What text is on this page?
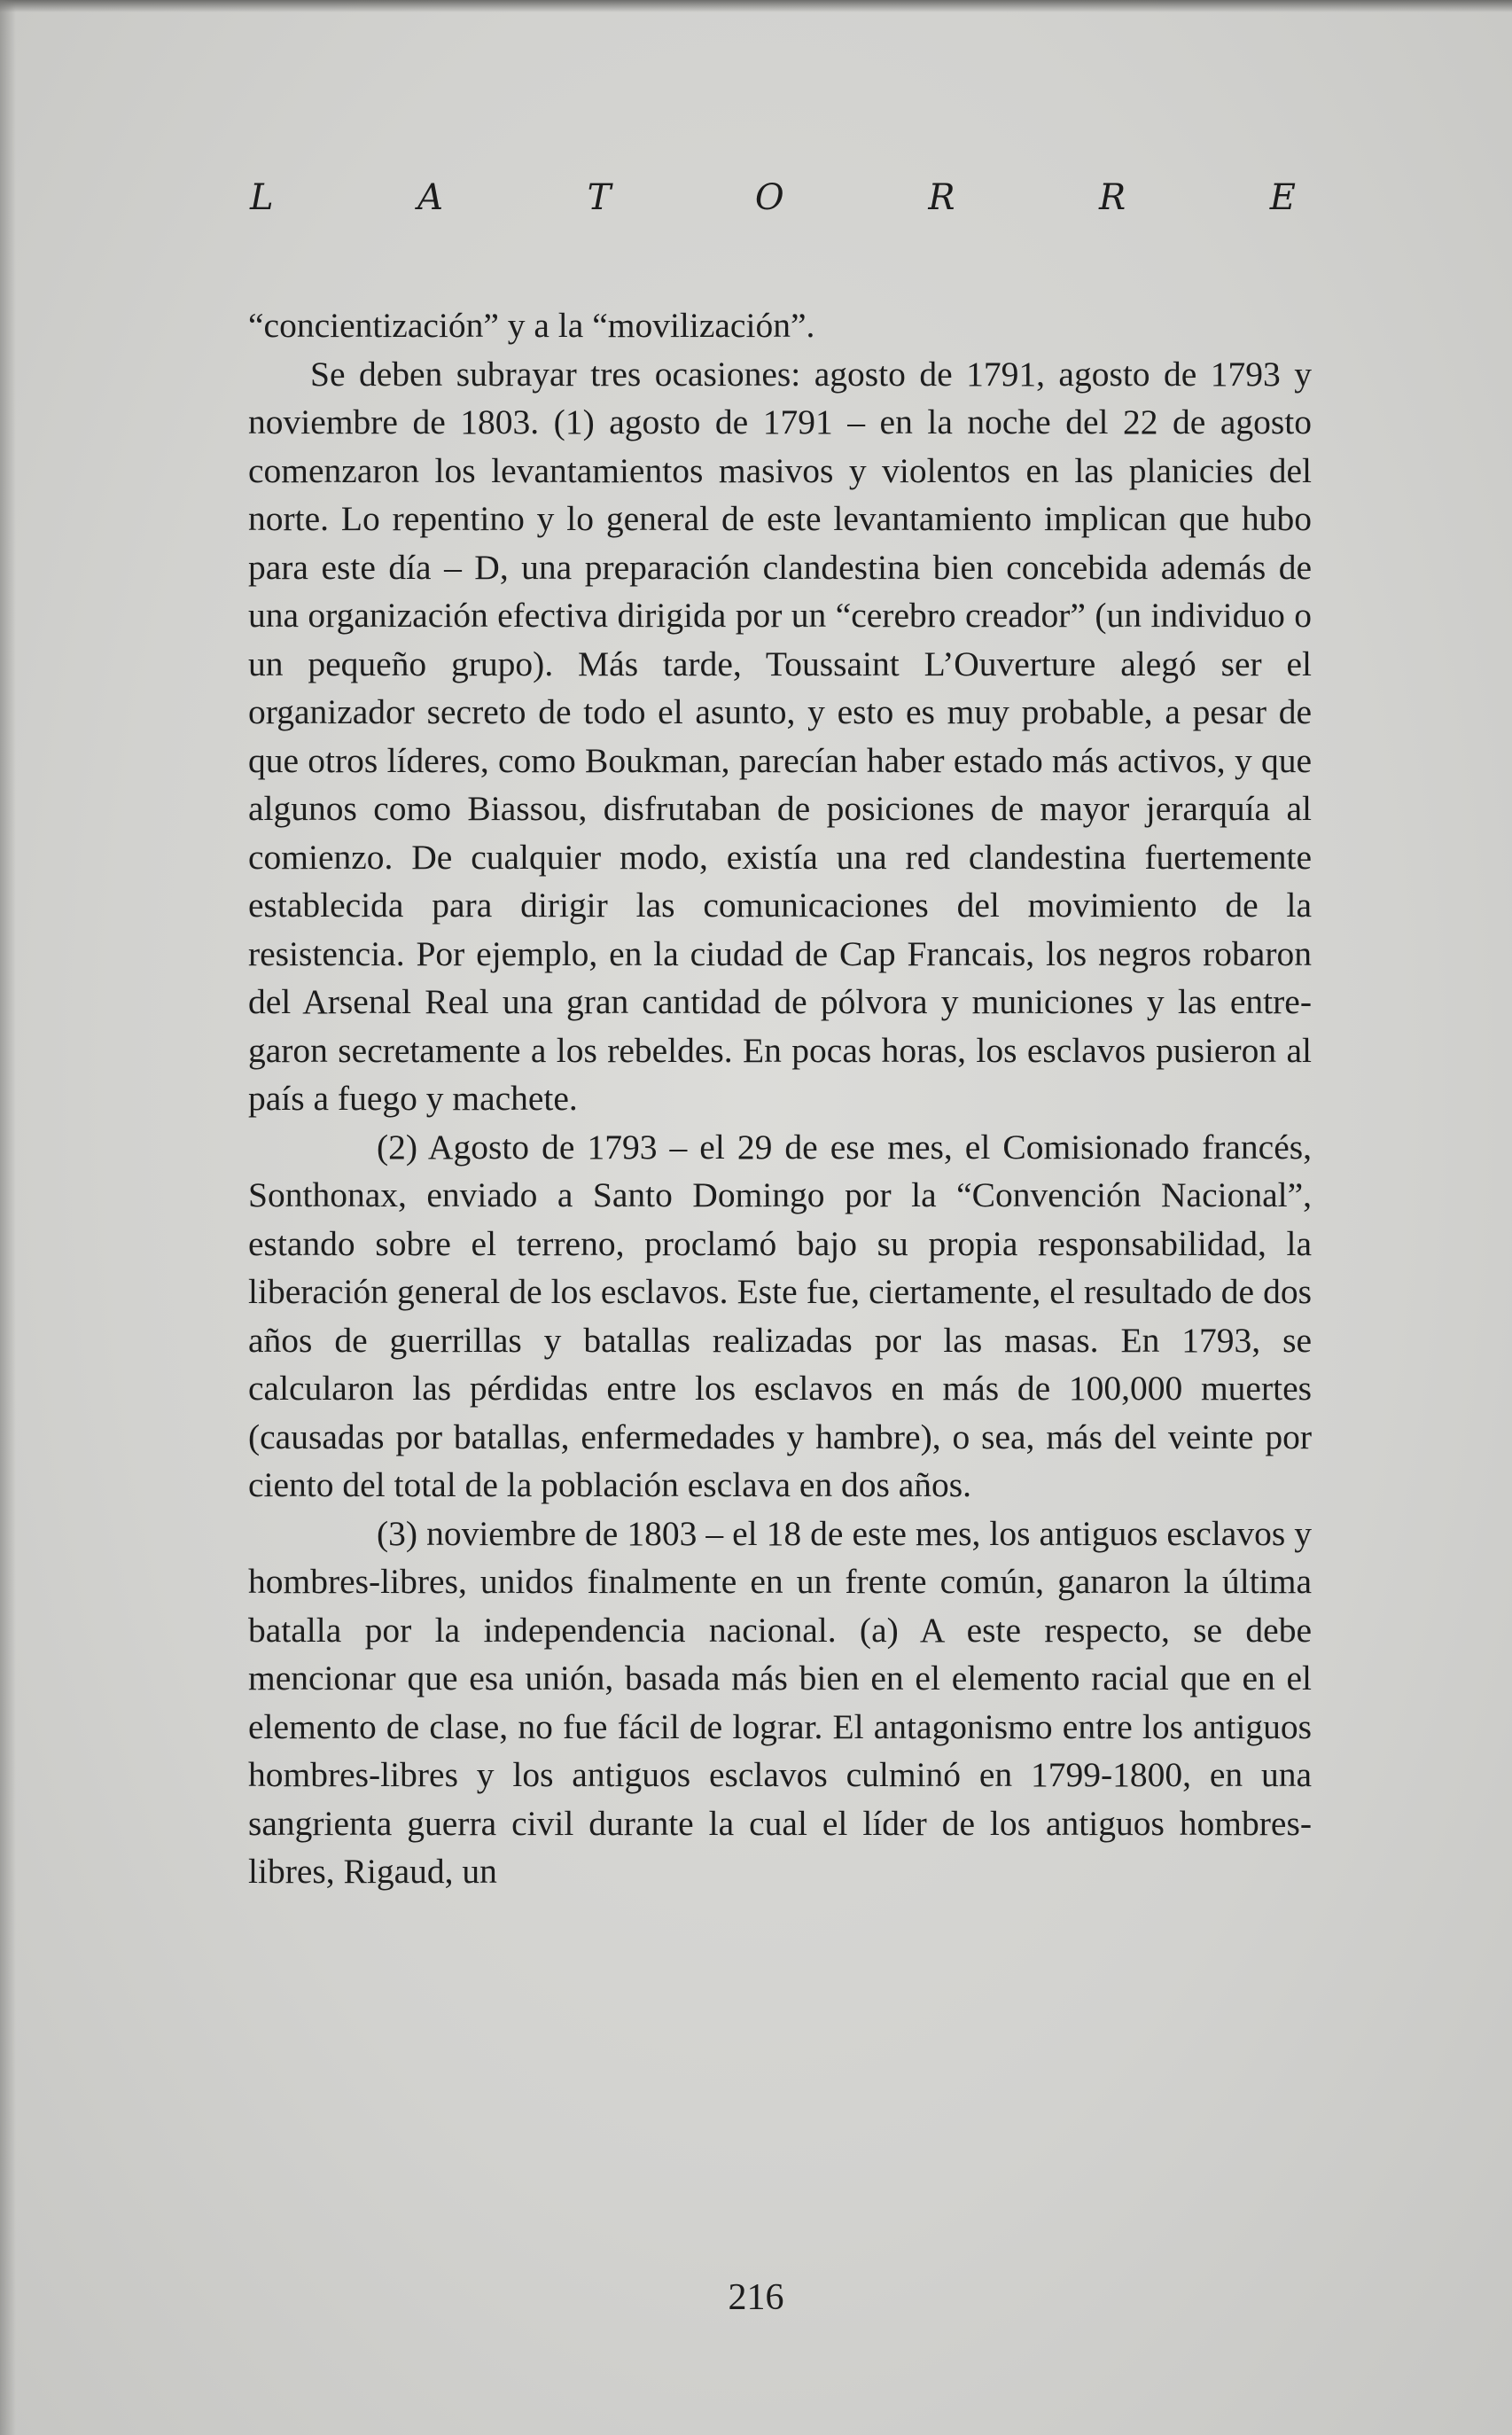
L	A	T	O	R	R	E

“concientización” y a la “movilización”.

Se deben subrayar tres ocasiones: agosto de 1791, agosto de 1793 y noviembre de 1803. (1) agosto de 1791 – en la noche del 22 de agosto comenzaron los levantamientos masivos y violentos en las planicies del norte. Lo repentino y lo general de este levantamiento implican que hubo para este día – D, una preparación clandestina bien concebida además de una organización efectiva dirigida por un “cerebro creador” (un individuo o un pequeño grupo). Más tarde, Toussaint L’Ouverture alegó ser el organizador secreto de todo el asunto, y esto es muy probable, a pesar de que otros líderes, como Boukman, parecían haber estado más activos, y que algunos como Biassou, disfrutaban de posiciones de mayor jerarquía al comienzo. De cualquier modo, existía una red clandestina fuertemente establecida para dirigir las comunicaciones del movimiento de la resistencia. Por ejemplo, en la ciudad de Cap Francais, los negros robaron del Arsenal Real una gran cantidad de pólvora y municiones y las entregaron secretamente a los rebeldes. En pocas horas, los esclavos pusieron al país a fuego y machete.

(2) Agosto de 1793 – el 29 de ese mes, el Comisionado francés, Sonthonax, enviado a Santo Domingo por la “Convención Nacional”, estando sobre el terreno, proclamó bajo su propia responsabilidad, la liberación general de los esclavos. Este fue, ciertamente, el resultado de dos años de guerrillas y batallas realizadas por las masas. En 1793, se calcularon las pérdidas entre los esclavos en más de 100,000 muertes (causadas por batallas, enfermedades y hambre), o sea, más del veinte por ciento del total de la población esclava en dos años.

(3) noviembre de 1803 – el 18 de este mes, los antiguos esclavos y hombres-libres, unidos finalmente en un frente común, ganaron la última batalla por la independencia nacional. (a) A este respecto, se debe mencionar que esa unión, basada más bien en el elemento racial que en el elemento de clase, no fue fácil de lograr. El antagonismo entre los antiguos hombres-libres y los antiguos esclavos culminó en 1799-1800, en una sangrienta guerra civil durante la cual el líder de los antiguos hombres-libres, Rigaud, un

216
